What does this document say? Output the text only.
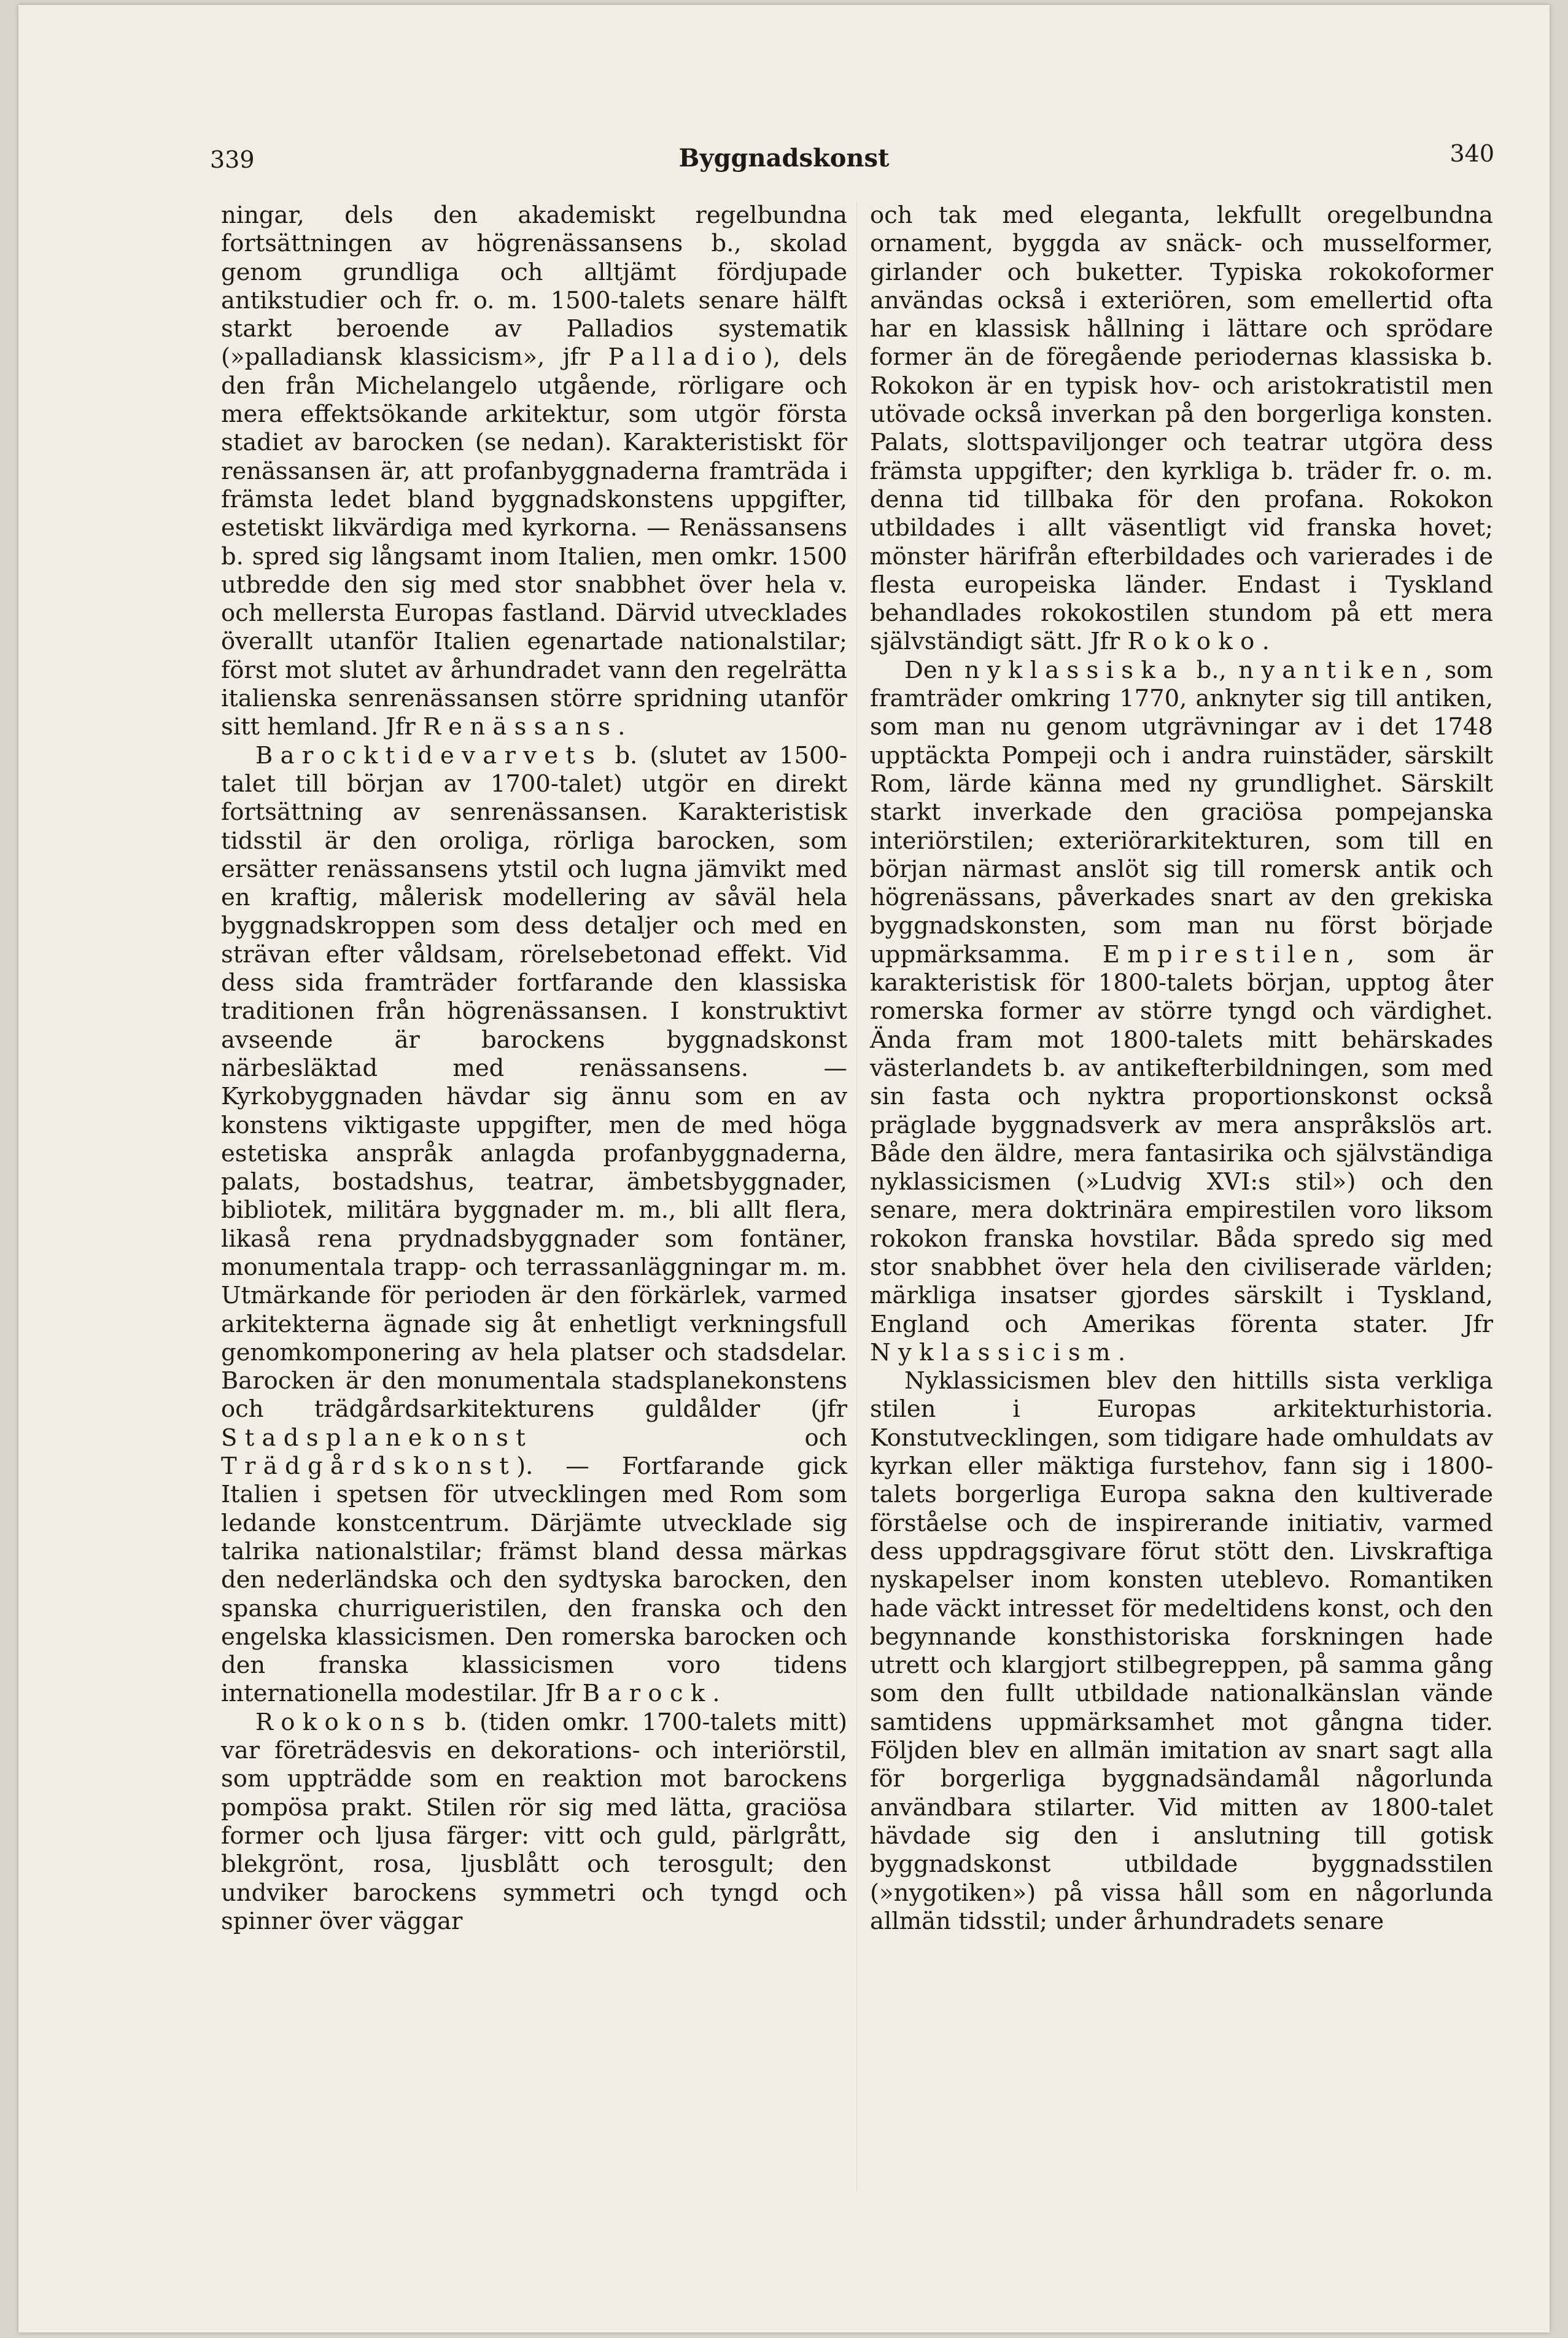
339	Byggnadskonst	340

ningar, dels den akademiskt regelbundna fortsättningen av högrenässansens b., skolad genom grundliga och alltjämt fördjupade antikstudier och fr. o. m. 1500-talets senare hälft starkt beroende av Palladios systematik (»palladiansk klassicism», jfr Palladio), dels den från Michelangelo utgående, rörligare och mera effektsökande arkitektur, som utgör första stadiet av barocken (se nedan). Karakteristiskt för renässansen är, att profanbyggnaderna framträda i främsta ledet bland byggnadskonstens uppgifter, estetiskt likvärdiga med kyrkorna. — Renässansens b. spred sig långsamt inom Italien, men omkr. 1500 utbredde den sig med stor snabbhet över hela v. och mellersta Europas fastland. Därvid utvecklades överallt utanför Italien egenartade nationalstilar; först mot slutet av århundradet vann den regelrätta italienska senrenässansen större spridning utanför sitt hemland. Jfr Renässans.

Barocktidevarvets b. (slutet av 1500-talet till början av 1700-talet) utgör en direkt fortsättning av senrenässansen. Karakteristisk tidsstil är den oroliga, rörliga barocken, som ersätter renässansens ytstil och lugna jämvikt med en kraftig, målerisk modellering av såväl hela byggnadskroppen som dess detaljer och med en strävan efter våldsam, rörelsebetonad effekt. Vid dess sida framträder fortfarande den klassiska traditionen från högrenässansen. I konstruktivt avseende är barockens byggnadskonst närbesläktad med renässansens. — Kyrkobyggnaden hävdar sig ännu som en av konstens viktigaste uppgifter, men de med höga estetiska anspråk anlagda profanbyggnaderna, palats, bostadshus, teatrar, ämbetsbyggnader, bibliotek, militära byggnader m. m., bli allt flera, likaså rena prydnadsbyggnader som fontäner, monumentala trapp- och terrassanläggningar m. m. Utmärkande för perioden är den förkärlek, varmed arkitekterna ägnade sig åt enhetligt verkningsfull genomkomponering av hela platser och stadsdelar. Barocken är den monumentala stadsplanekonstens och trädgårdsarkitekturens guldålder (jfr Stadsplanekonst och Trädgårdskonst). — Fortfarande gick Italien i spetsen för utvecklingen med Rom som ledande konstcentrum. Därjämte utvecklade sig talrika nationalstilar; främst bland dessa märkas den nederländska och den sydtyska barocken, den spanska churrigueristilen, den franska och den engelska klassicismen. Den romerska barocken och den franska klassicismen voro tidens internationella modestilar. Jfr Barock.

Rokokons b. (tiden omkr. 1700-talets mitt) var företrädesvis en dekorations- och interiörstil, som uppträdde som en reaktion mot barockens pompösa prakt. Stilen rör sig med lätta, graciösa former och ljusa färger: vitt och guld, pärlgrått, blekgrönt, rosa, ljusblått och terosgult; den undviker barockens symmetri och tyngd och spinner över väggar

och tak med eleganta, lekfullt oregelbundna ornament, byggda av snäck- och musselformer, girlander och buketter. Typiska rokokoformer användas också i exteriören, som emellertid ofta har en klassisk hållning i lättare och sprödare former än de föregående periodernas klassiska b. Rokokon är en typisk hov- och aristokratistil men utövade också inverkan på den borgerliga konsten. Palats, slottspaviljonger och teatrar utgöra dess främsta uppgifter; den kyrkliga b. träder fr. o. m. denna tid tillbaka för den profana. Rokokon utbildades i allt väsentligt vid franska hovet; mönster härifrån efterbildades och varierades i de flesta europeiska länder. Endast i Tyskland behandlades rokokostilen stundom på ett mera självständigt sätt. Jfr Rokoko.

Den nyklassiska b., nyantiken, som framträder omkring 1770, anknyter sig till antiken, som man nu genom utgrävningar av i det 1748 upptäckta Pompeji och i andra ruinstäder, särskilt Rom, lärde känna med ny grundlighet. Särskilt starkt inverkade den graciösa pompejanska interiörstilen; exteriörarkitekturen, som till en början närmast anslöt sig till romersk antik och högrenässans, påverkades snart av den grekiska byggnadskonsten, som man nu först började uppmärksamma. Empirestilen, som är karakteristisk för 1800-talets början, upptog åter romerska former av större tyngd och värdighet. Ända fram mot 1800-talets mitt behärskades västerlandets b. av antikefterbildningen, som med sin fasta och nyktra proportionskonst också präglade byggnadsverk av mera anspråkslös art. Både den äldre, mera fantasirika och självständiga nyklassicismen (»Ludvig XVI:s stil») och den senare, mera doktrinära empirestilen voro liksom rokokon franska hovstilar. Båda spredo sig med stor snabbhet över hela den civiliserade världen; märkliga insatser gjordes särskilt i Tyskland, England och Amerikas förenta stater. Jfr Nyklassicism.

Nyklassicismen blev den hittills sista verkliga stilen i Europas arkitekturhistoria. Konstutvecklingen, som tidigare hade omhuldats av kyrkan eller mäktiga furstehov, fann sig i 1800-talets borgerliga Europa sakna den kultiverade förståelse och de inspirerande initiativ, varmed dess uppdragsgivare förut stött den. Livskraftiga nyskapelser inom konsten uteblevo. Romantiken hade väckt intresset för medeltidens konst, och den begynnande konsthistoriska forskningen hade utrett och klargjort stilbegreppen, på samma gång som den fullt utbildade nationalkänslan vände samtidens uppmärksamhet mot gångna tider. Följden blev en allmän imitation av snart sagt alla för borgerliga byggnadsändamål någorlunda användbara stilarter. Vid mitten av 1800-talet hävdade sig den i anslutning till gotisk byggnadskonst utbildade byggnadsstilen (»nygotiken») på vissa håll som en någorlunda allmän tidsstil; under århundradets senare
